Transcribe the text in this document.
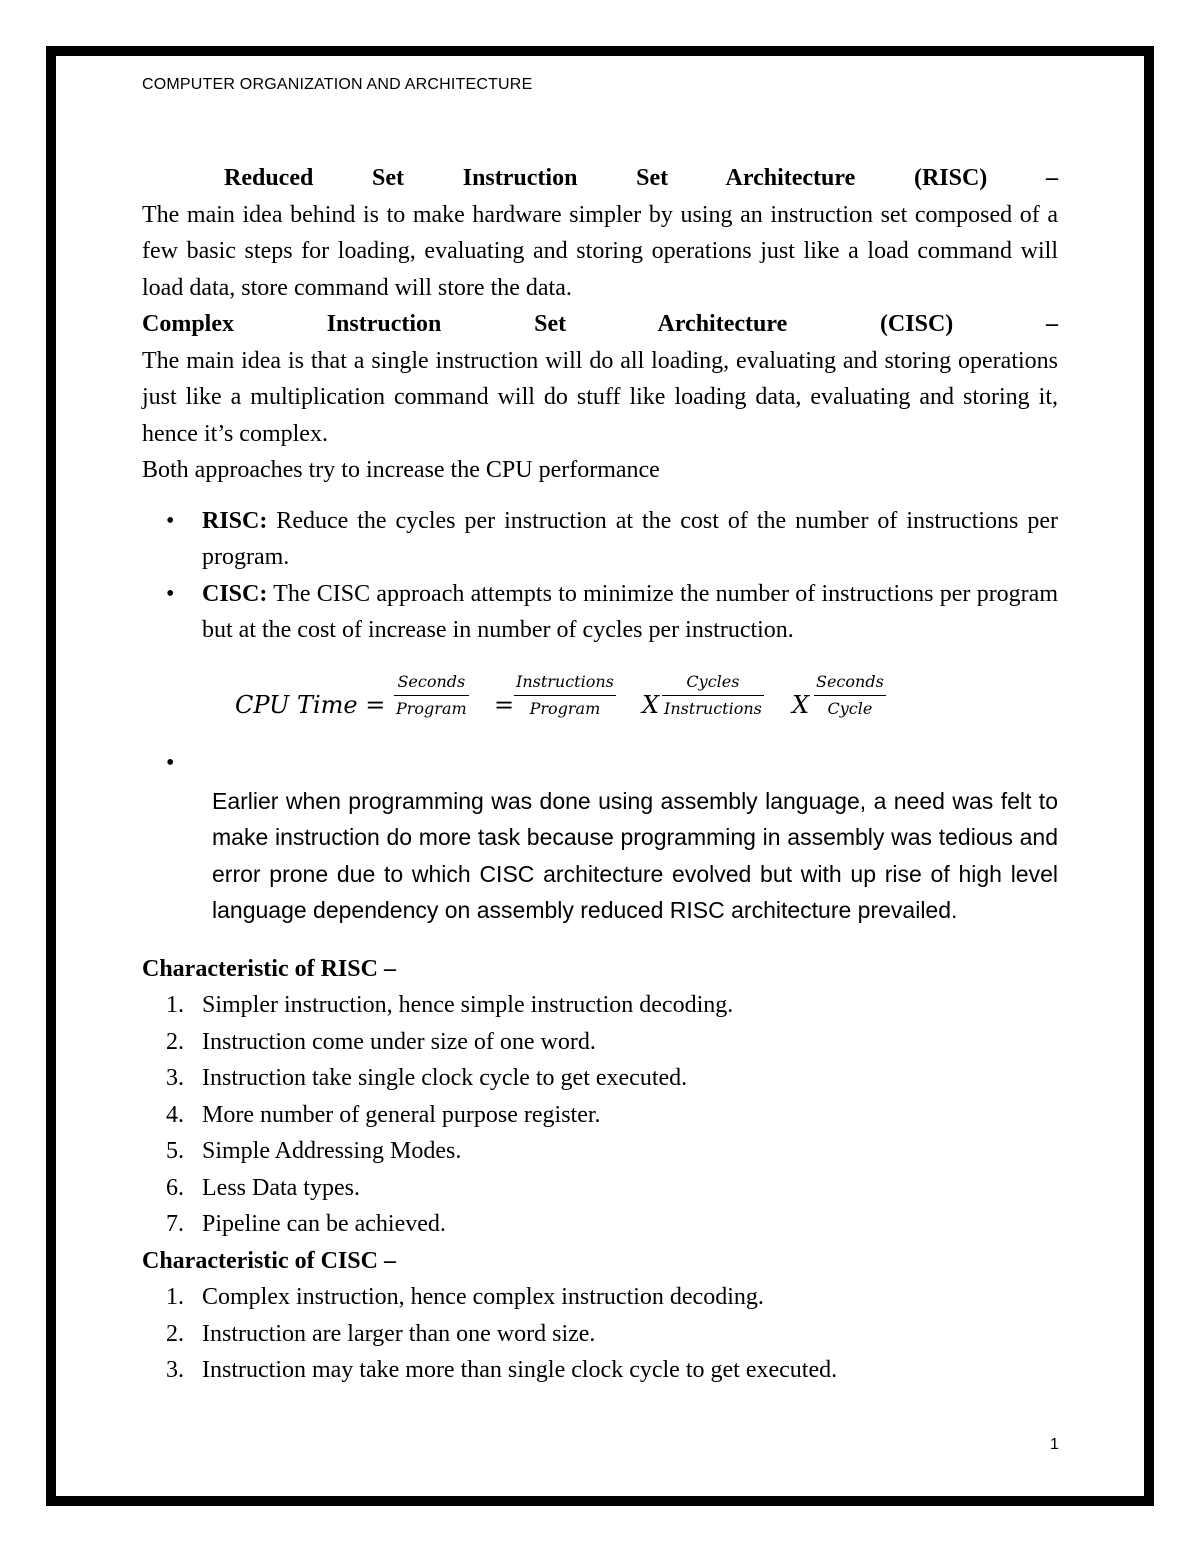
COMPUTER ORGANIZATION AND ARCHITECTURE

Reduced Set Instruction Set Architecture (RISC) –

The main idea behind is to make hardware simpler by using an instruction set composed of a few basic steps for loading, evaluating and storing operations just like a load command will load data, store command will store the data.

Complex Instruction Set Architecture (CISC) –

The main idea is that a single instruction will do all loading, evaluating and storing operations just like a multiplication command will do stuff like loading data, evaluating and storing it, hence it’s complex.

Both approaches try to increase the CPU performance

• RISC: Reduce the cycles per instruction at the cost of the number of instructions per program.
• CISC: The CISC approach attempts to minimize the number of instructions per program but at the cost of increase in number of cycles per instruction.
CPU Time =
Seconds
Program =
Instructions
Program	X
Cycles
Instructions X
Seconds
Cycle
•

Earlier when programming was done using assembly language, a need was felt to make instruction do more task because programming in assembly was tedious and error prone due to which CISC architecture evolved but with up rise of high level language dependency on assembly reduced RISC architecture prevailed.

Characteristic of RISC –

1. Simpler instruction, hence simple instruction decoding.
2. Instruction come under size of one word.
3. Instruction take single clock cycle to get executed.
4. More number of general purpose register.
5. Simple Addressing Modes.
6. Less Data types.
7. Pipeline can be achieved.

Characteristic of CISC –

1. Complex instruction, hence complex instruction decoding.
2. Instruction are larger than one word size.
3. Instruction may take more than single clock cycle to get executed.
1
